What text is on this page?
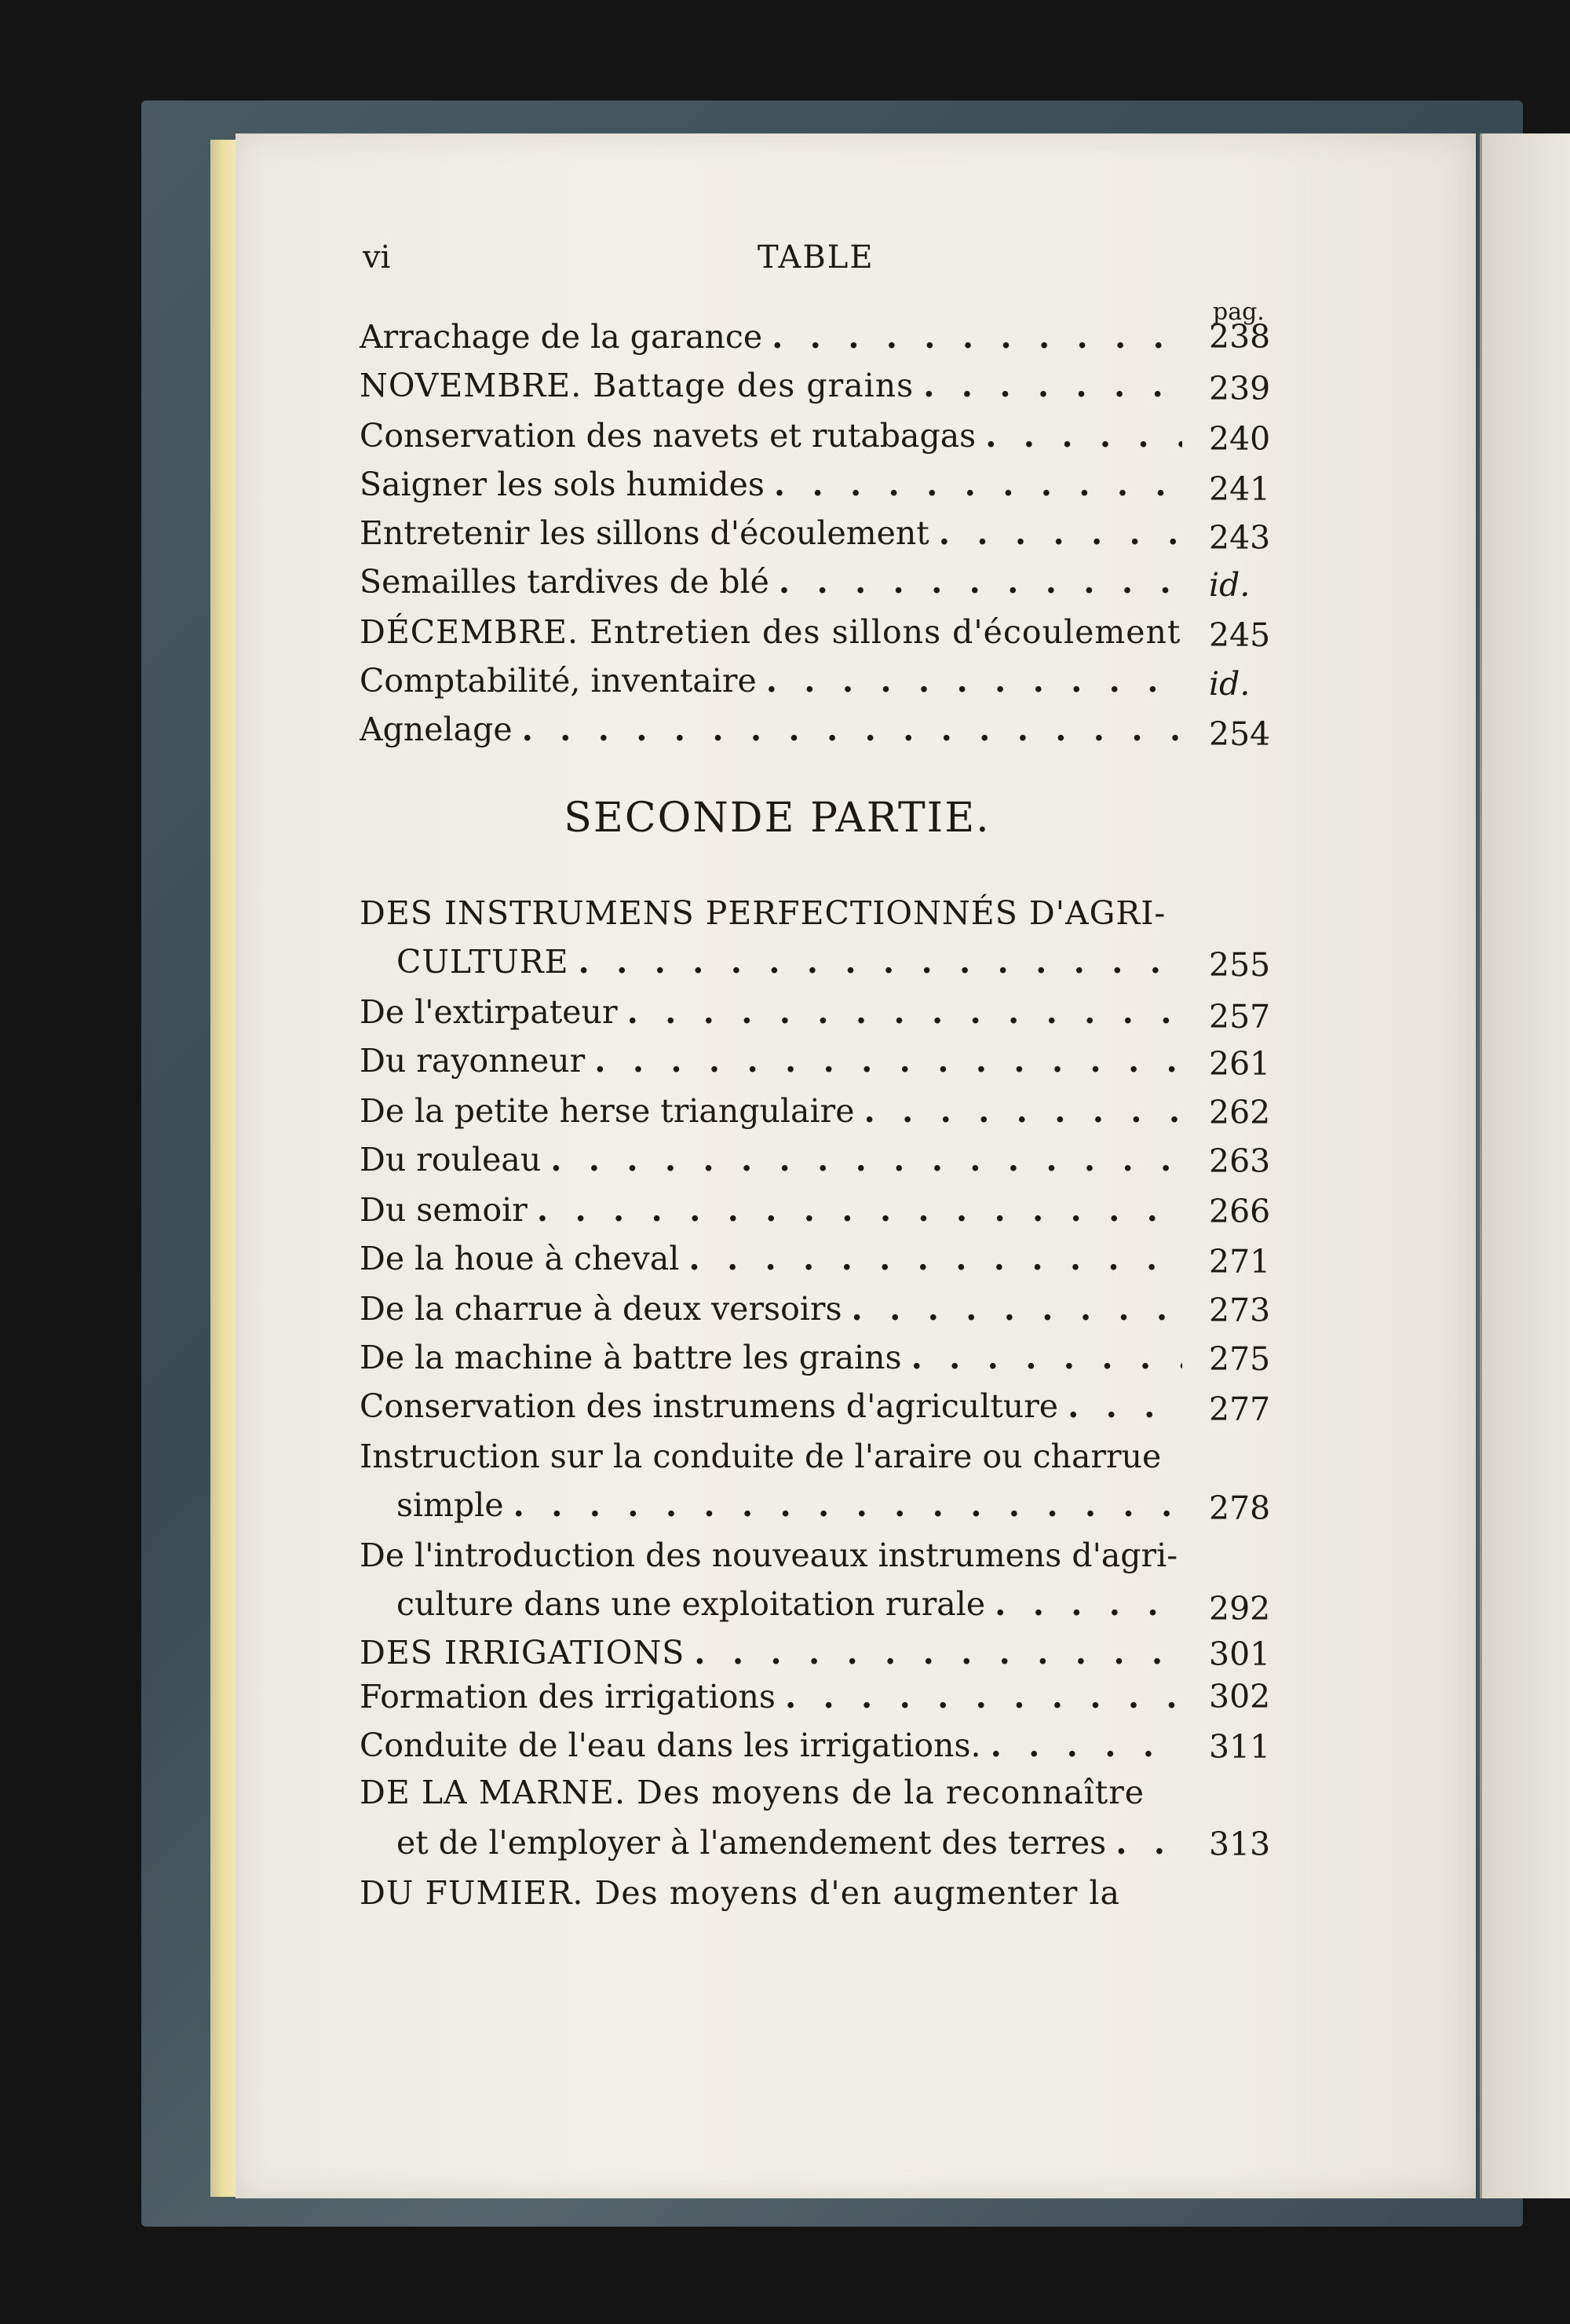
vi	TABLE
pag.
Arrachage de la garance . . .	238
NOVEMBRE. Battage des grains . . .	239
Conservation des navets et rutabagas . . .	240
Saigner les sols humides . . .	241
Entretenir les sillons d'écoulement . . .	243
Semailles tardives de blé . . .	id.
DÉCEMBRE. Entretien des sillons d'écoulement 245
Comptabilité, inventaire . . .	id.
Agnelage . . .	254
SECONDE PARTIE.
DES INSTRUMENS PERFECTIONNÉS D'AGRI-
CULTURE . . .	255
De l'extirpateur . . .	257
Du rayonneur . . .	261
De la petite herse triangulaire . . .	262
Du rouleau . . .	263
Du semoir . . .	266
De la houe à cheval . . .	271
De la charrue à deux versoirs . . .	273
De la machine à battre les grains . . .	275
Conservation des instrumens d'agriculture . . .	277
Instruction sur la conduite de l'araire ou charrue
simple . . .	278
De l'introduction des nouveaux instrumens d'agri-
culture dans une exploitation rurale . . .	292
DES IRRIGATIONS . . .	301
Formation des irrigations . . .	302
Conduite de l'eau dans les irrigations. . . .	311
DE LA MARNE. Des moyens de la reconnaître
et de l'employer à l'amendement des terres . . .	313
DU FUMIER. Des moyens d'en augmenter la
